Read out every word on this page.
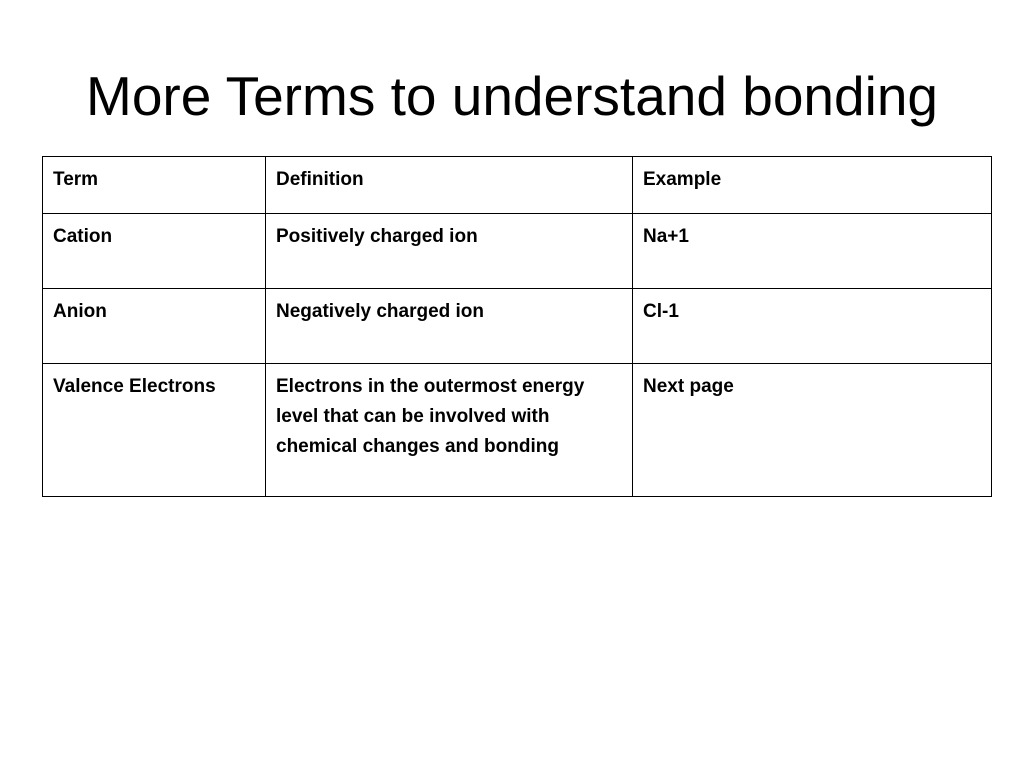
More Terms to understand bonding
Term	Definition	Example
Cation	Positively charged ion	Na+1
Anion	Negatively charged ion	Cl-1
Valence Electrons	Electrons in the outermost energy level that can be involved with chemical changes and bonding	Next page
